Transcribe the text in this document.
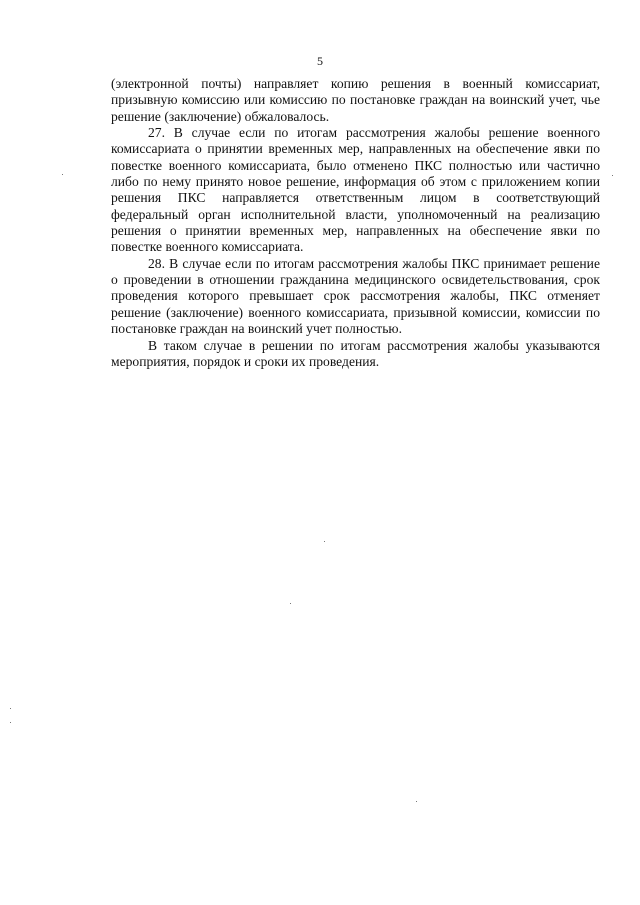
5

(электронной почты) направляет копию решения в военный комиссариат, призывную комиссию или комиссию по постановке граждан на воинский учет, чье решение (заключение) обжаловалось.

27. В случае если по итогам рассмотрения жалобы решение военного комиссариата о принятии временных мер, направленных на обеспечение явки по повестке военного комиссариата, было отменено ПКС полностью или частично либо по нему принято новое решение, информация об этом с приложением копии решения ПКС направляется ответственным лицом в соответствующий федеральный орган исполнительной власти, уполномоченный на реализацию решения о принятии временных мер, направленных на обеспечение явки по повестке военного комиссариата.

28. В случае если по итогам рассмотрения жалобы ПКС принимает решение о проведении в отношении гражданина медицинского освидетельствования, срок проведения которого превышает срок рассмотрения жалобы, ПКС отменяет решение (заключение) военного комиссариата, призывной комиссии, комиссии по постановке граждан на воинский учет полностью.

В таком случае в решении по итогам рассмотрения жалобы указываются мероприятия, порядок и сроки их проведения.
